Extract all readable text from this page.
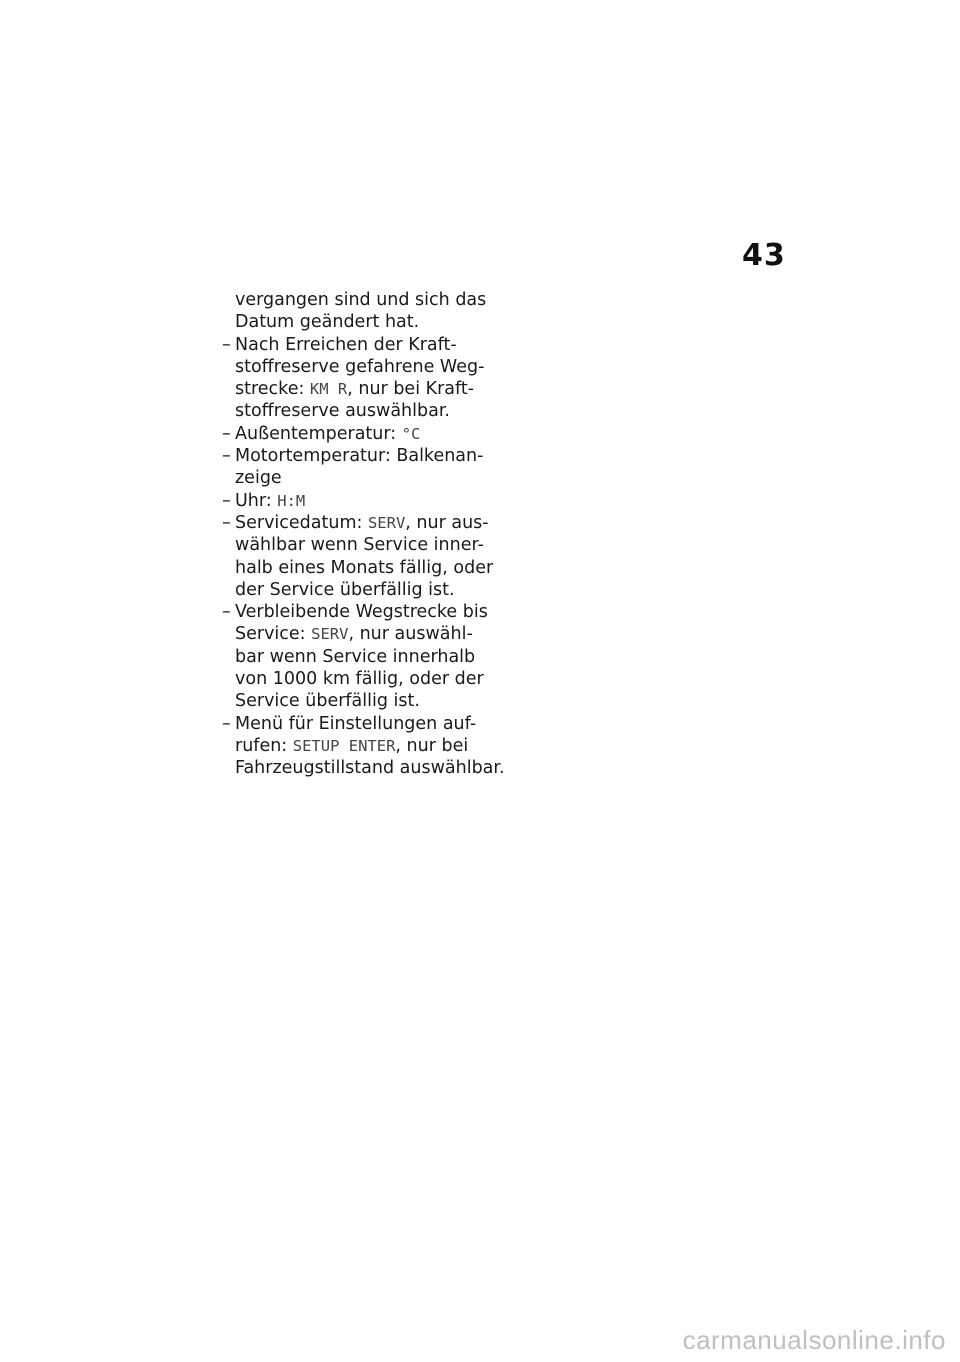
43
vergangen sind und sich das
Datum geändert hat.
– Nach Erreichen der Kraft-
stoffreserve gefahrene Weg-
strecke: KM R, nur bei Kraft-
stoffreserve auswählbar.
– Außentemperatur: °C
– Motortemperatur: Balkenan-
zeige
– Uhr: H:M
– Servicedatum: SERV, nur aus-
wählbar wenn Service inner-
halb eines Monats fällig, oder
der Service überfällig ist.
– Verbleibende Wegstrecke bis
Service: SERV, nur auswähl-
bar wenn Service innerhalb
von 1000 km fällig, oder der
Service überfällig ist.
– Menü für Einstellungen auf-
rufen: SETUP ENTER, nur bei
Fahrzeugstillstand auswählbar.
carmanualsonline.info
